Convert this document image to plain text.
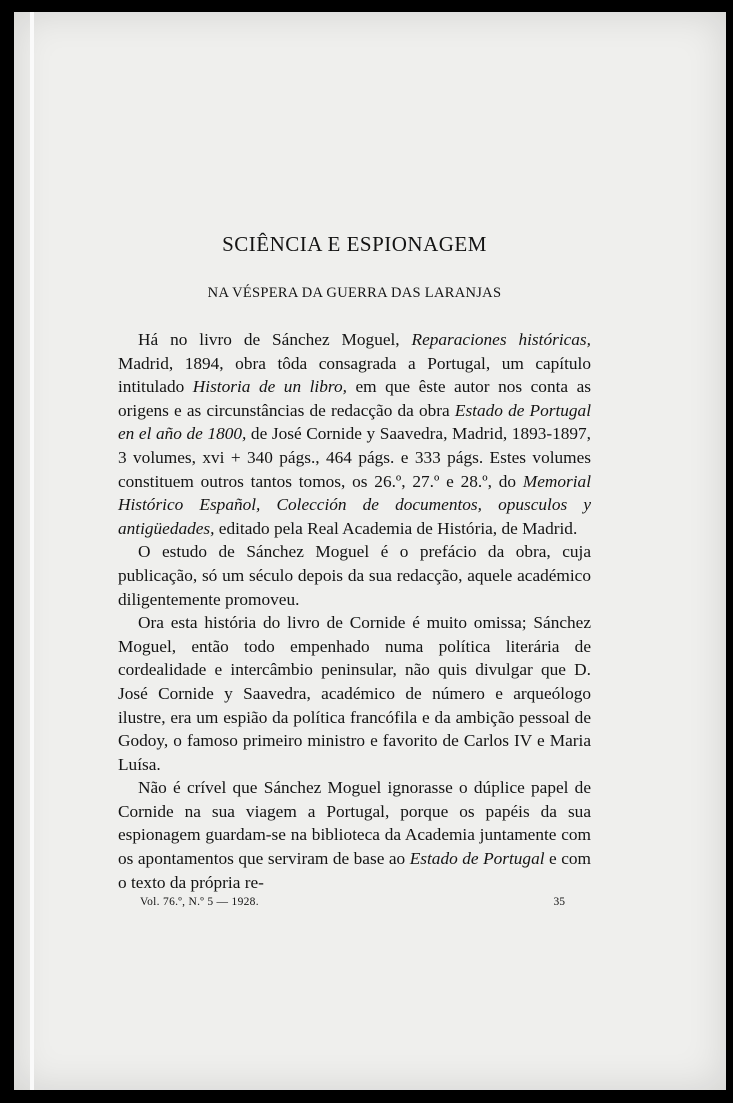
SCIÊNCIA E ESPIONAGEM
NA VÉSPERA DA GUERRA DAS LARANJAS

Há no livro de Sánchez Moguel, Reparaciones históricas, Madrid, 1894, obra tôda consagrada a Portugal, um capítulo intitulado Historia de un libro, em que êste autor nos conta as origens e as circunstâncias de redacção da obra Estado de Portugal en el año de 1800, de José Cornide y Saavedra, Madrid, 1893-1897, 3 volumes, xvi + 340 págs., 464 págs. e 333 págs. Estes volumes constituem outros tantos tomos, os 26.º, 27.º e 28.º, do Memorial Histórico Español, Colección de documentos, opusculos y antigüedades, editado pela Real Academia de História, de Madrid.

O estudo de Sánchez Moguel é o prefácio da obra, cuja publicação, só um século depois da sua redacção, aquele académico diligentemente promoveu.

Ora esta história do livro de Cornide é muito omissa; Sánchez Moguel, então todo empenhado numa política literária de cordealidade e intercâmbio peninsular, não quis divulgar que D. José Cornide y Saavedra, académico de número e arqueólogo ilustre, era um espião da política francófila e da ambição pessoal de Godoy, o famoso primeiro ministro e favorito de Carlos IV e Maria Luísa.

Não é crível que Sánchez Moguel ignorasse o dúplice papel de Cornide na sua viagem a Portugal, porque os papéis da sua espionagem guardam-se na biblioteca da Academia juntamente com os apontamentos que serviram de base ao Estado de Portugal e com o texto da própria re-

Vol. 76.º, N.º 5 — 1928.	35
